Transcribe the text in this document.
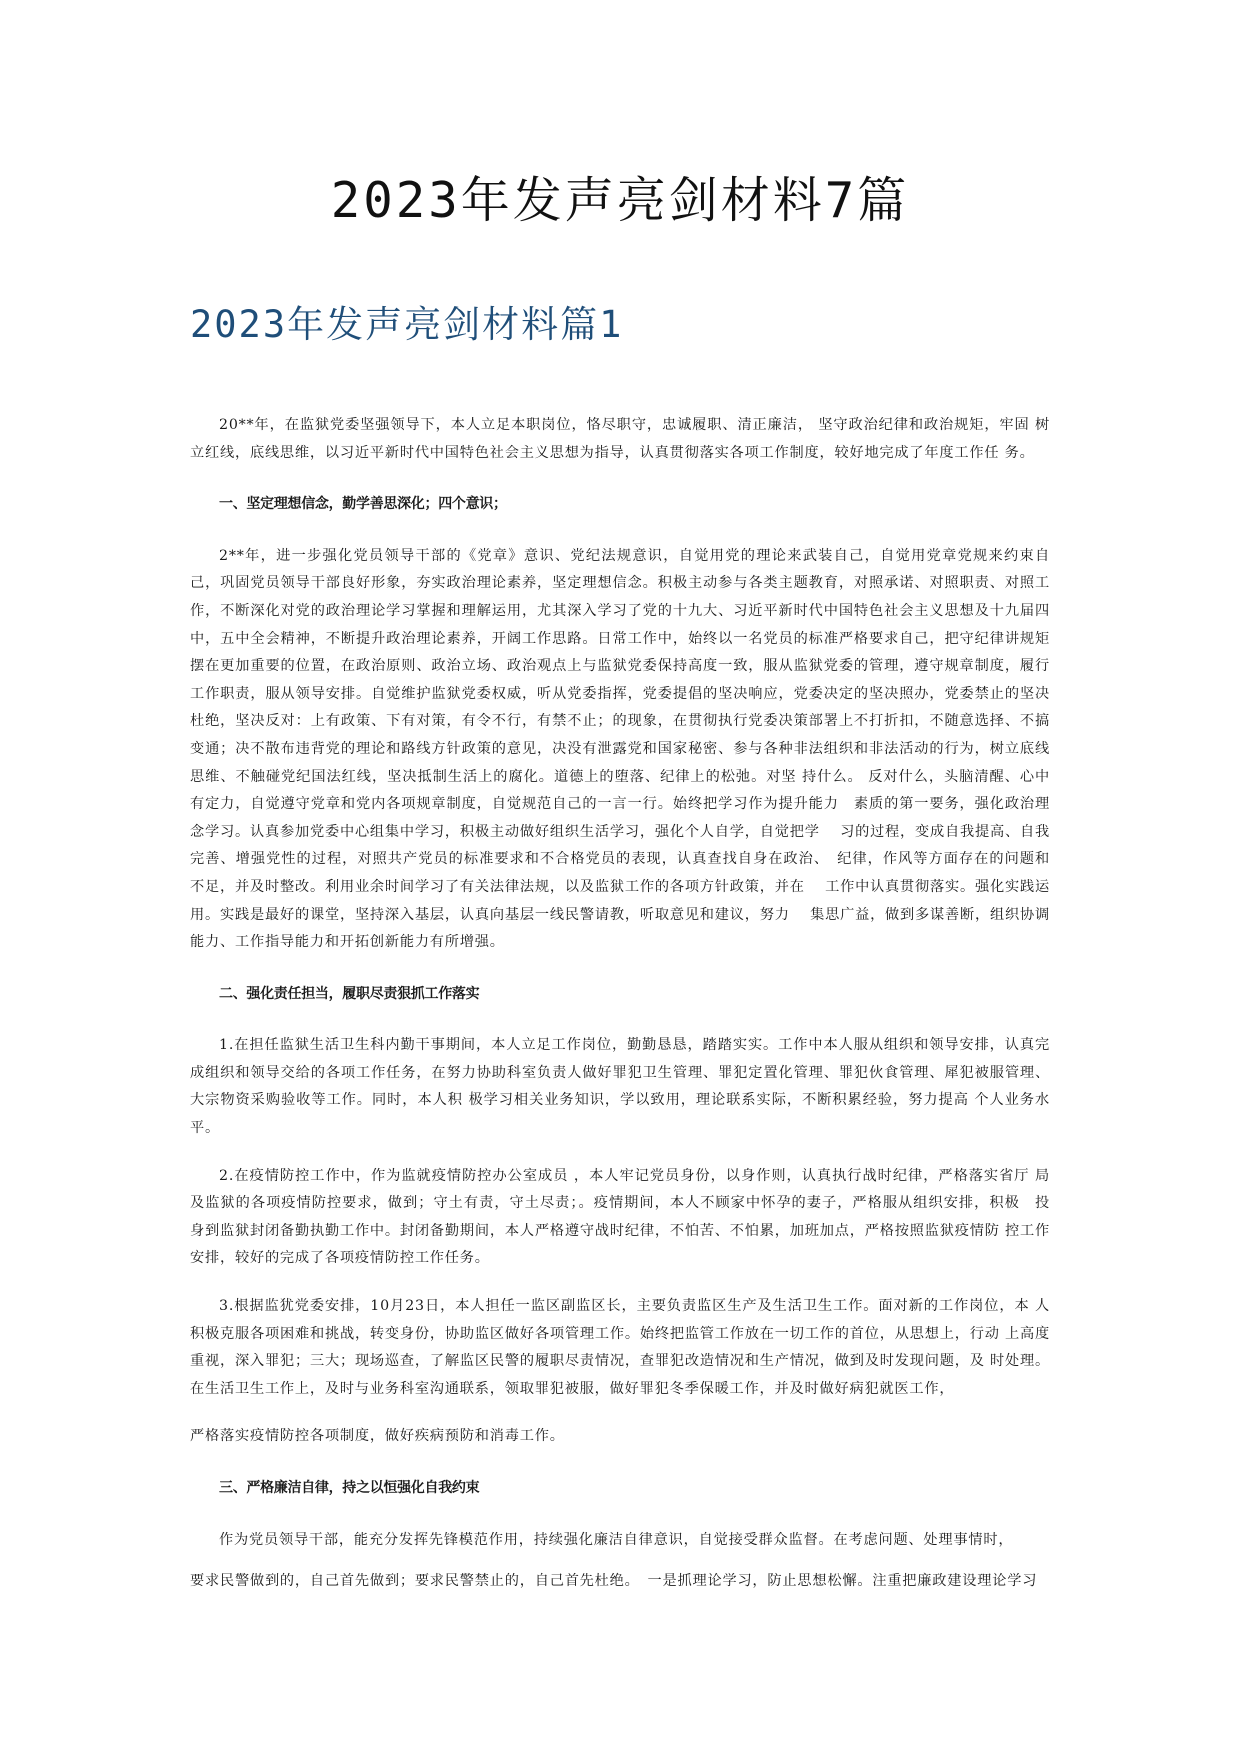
2023年发声亮剑材料7篇
2023年发声亮剑材料篇1

20**年，在监狱党委坚强领导下，本人立足本职岗位，恪尽职守，忠诚履职、清正廉洁， 坚守政治纪律和政治规矩，牢固 树立红线，底线思维，以习近平新时代中国特色社会主义思想为指导，认真贯彻落实各项工作制度，较好地完成了年度工作任 务。

一、坚定理想信念，勤学善思深化；四个意识；

2**年，进一步强化党员领导干部的《党章》意识、党纪法规意识，自觉用党的理论来武装自己，自觉用党章党规来约束自己，巩固党员领导干部良好形象，夯实政治理论素养，坚定理想信念。积极主动参与各类主题教育，对照承诺、对照职责、对照工作，不断深化对党的政治理论学习掌握和理解运用，尤其深入学习了党的十九大、习近平新时代中国特色社会主义思想及十九届四中，五中全会精神，不断提升政治理论素养，开阔工作思路。日常工作中，始终以一名党员的标准严格要求自己，把守纪律讲规矩摆在更加重要的位置，在政治原则、政治立场、政治观点上与监狱党委保持高度一致，服从监狱党委的管理，遵守规章制度，履行工作职责，服从领导安排。自觉维护监狱党委权威，听从党委指挥，党委提倡的坚决响应，党委决定的坚决照办，党委禁止的坚决杜绝，坚决反对：上有政策、下有对策，有令不行，有禁不止；的现象，在贯彻执行党委决策部署上不打折扣，不随意选择、不搞变通；决不散布违背党的理论和路线方针政策的意见，决没有泄露党和国家秘密、参与各种非法组织和非法活动的行为，树立底线思维、不触碰党纪国法红线，坚决抵制生活上的腐化。道德上的堕落、纪律上的松弛。对坚 持什么。 反对什么，头脑清醒、心中有定力，自觉遵守党章和党内各项规章制度，自觉规范自己的一言一行。始终把学习作为提升能力　素质的第一要务，强化政治理念学习。认真参加党委中心组集中学习，积极主动做好组织生活学习，强化个人自学，自觉把学　 习的过程，变成自我提高、自我完善、增强党性的过程，对照共产党员的标准要求和不合格党员的表现，认真查找自身在政治、　纪律，作风等方面存在的问题和不足，并及时整改。利用业余时间学习了有关法律法规，以及监狱工作的各项方针政策，并在　 工作中认真贯彻落实。强化实践运用。实践是最好的课堂，坚持深入基层，认真向基层一线民警请教，听取意见和建议，努力　 集思广益，做到多谋善断，组织协调能力、工作指导能力和开拓创新能力有所增强。

二、强化责任担当，履职尽责狠抓工作落实

1.在担任监狱生活卫生科内勤干事期间，本人立足工作岗位，勤勤恳恳，踏踏实实。工作中本人服从组织和领导安排，认真完成组织和领导交给的各项工作任务，在努力协助科室负责人做好罪犯卫生管理、罪犯定置化管理、罪犯伙食管理、犀犯被服管理、大宗物资采购验收等工作。同时，本人积 极学习相关业务知识，学以致用，理论联系实际，不断积累经验，努力提高 个人业务水平。

2.在疫情防控工作中，作为监就疫情防控办公室成员 ，本人牢记党员身份，以身作则，认真执行战时纪律，严格落实省厅 局及监狱的各项疫情防控要求，做到；守土有责，守土尽责；。疫情期间，本人不顾家中怀孕的妻子，严格服从组织安排，积极　投身到监狱封闭备勤执勤工作中。封闭备勤期间，本人严格遵守战时纪律，不怕苦、不怕累，加班加点，严格按照监狱疫情防 控工作安排，较好的完成了各项疫情防控工作任务。

3.根据监犹党委安排，10月23日，本人担任一监区副监区长，主要负责监区生产及生活卫生工作。面对新的工作岗位，本 人积极克服各项困难和挑战，转变身份，协助监区做好各项管理工作。始终把监管工作放在一切工作的首位，从思想上，行动 上高度重视，深入罪犯；三大；现场巡查，了解监区民警的履职尽责情况，查罪犯改造情况和生产情况，做到及时发现问题，及 时处理。在生活卫生工作上，及时与业务科室沟通联系，领取罪犯被服，做好罪犯冬季保暖工作，并及时做好病犯就医工作，

严格落实疫情防控各项制度，做好疾病预防和消毒工作。

三、严格廉洁自律，持之以恒强化自我约束

作为党员领导干部，能充分发挥先锋模范作用，持续强化廉洁自律意识，自觉接受群众监督。在考虑问题、处理事情时，

要求民警做到的，自己首先做到；要求民警禁止的，自己首先杜绝。　一是抓理论学习，防止思想松懈。注重把廉政建设理论学习
